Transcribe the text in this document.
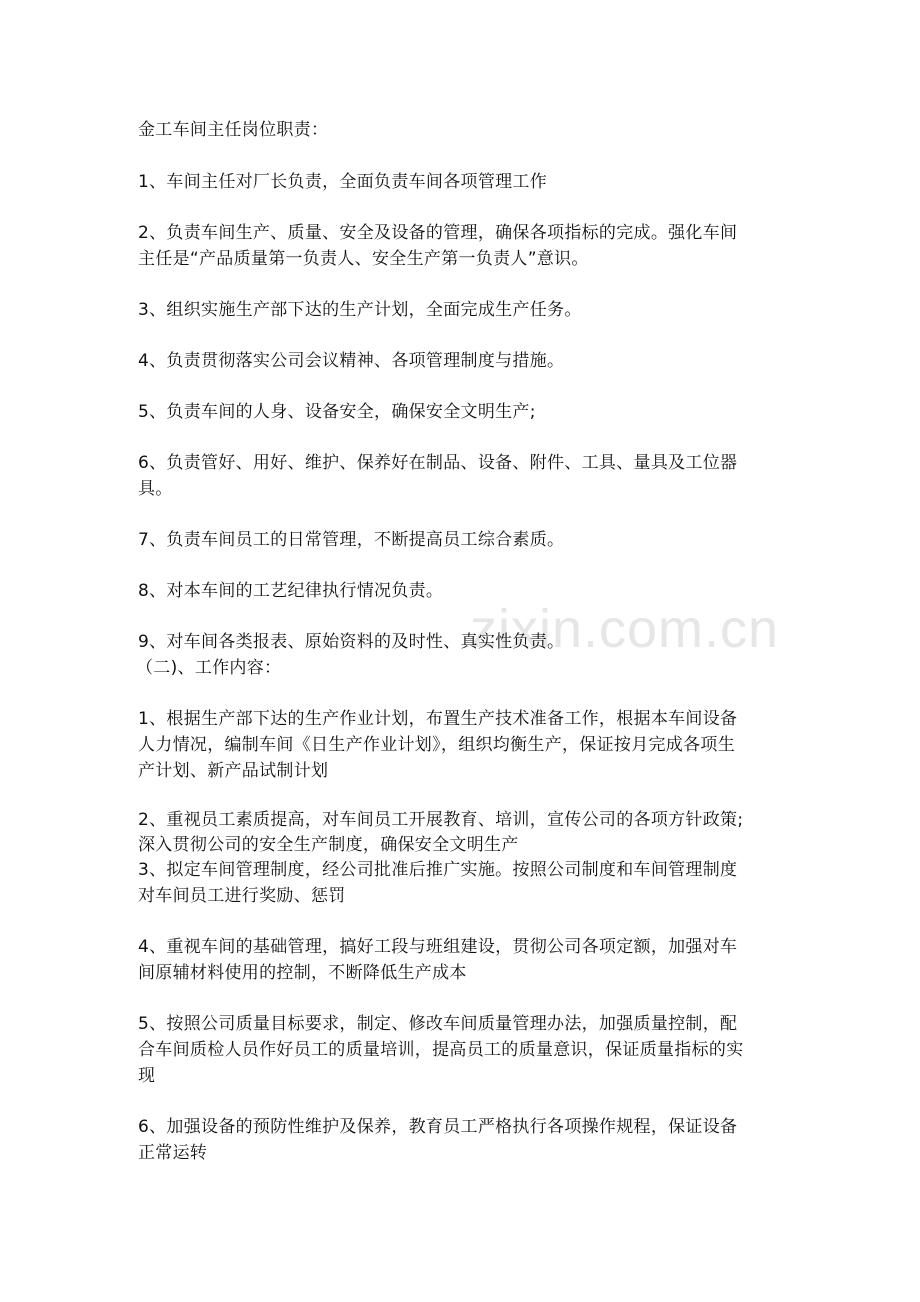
zixin.com.cn
金工车间主任岗位职责：
1、车间主任对厂长负责，全面负责车间各项管理工作
2、负责车间生产、质量、安全及设备的管理，确保各项指标的完成。强化车间
主任是“产品质量第一负责人、安全生产第一负责人”意识。
3、组织实施生产部下达的生产计划，全面完成生产任务。
4、负责贯彻落实公司会议精神、各项管理制度与措施。
5、负责车间的人身、设备安全，确保安全文明生产;
6、负责管好、用好、维护、保养好在制品、设备、附件、工具、量具及工位器
具。
7、负责车间员工的日常管理，不断提高员工综合素质。
8、对本车间的工艺纪律执行情况负责。
9、对车间各类报表、原始资料的及时性、真实性负责。
（二)、工作内容：
1、根据生产部下达的生产作业计划，布置生产技术准备工作，根据本车间设备
人力情况，编制车间《日生产作业计划》，组织均衡生产，保证按月完成各项生
产计划、新产品试制计划
2、重视员工素质提高，对车间员工开展教育、培训，宣传公司的各项方针政策;
深入贯彻公司的安全生产制度，确保安全文明生产
3、拟定车间管理制度，经公司批准后推广实施。按照公司制度和车间管理制度
对车间员工进行奖励、惩罚
4、重视车间的基础管理，搞好工段与班组建设，贯彻公司各项定额，加强对车
间原辅材料使用的控制，不断降低生产成本
5、按照公司质量目标要求，制定、修改车间质量管理办法，加强质量控制，配
合车间质检人员作好员工的质量培训，提高员工的质量意识，保证质量指标的实
现
6、加强设备的预防性维护及保养，教育员工严格执行各项操作规程，保证设备
正常运转
